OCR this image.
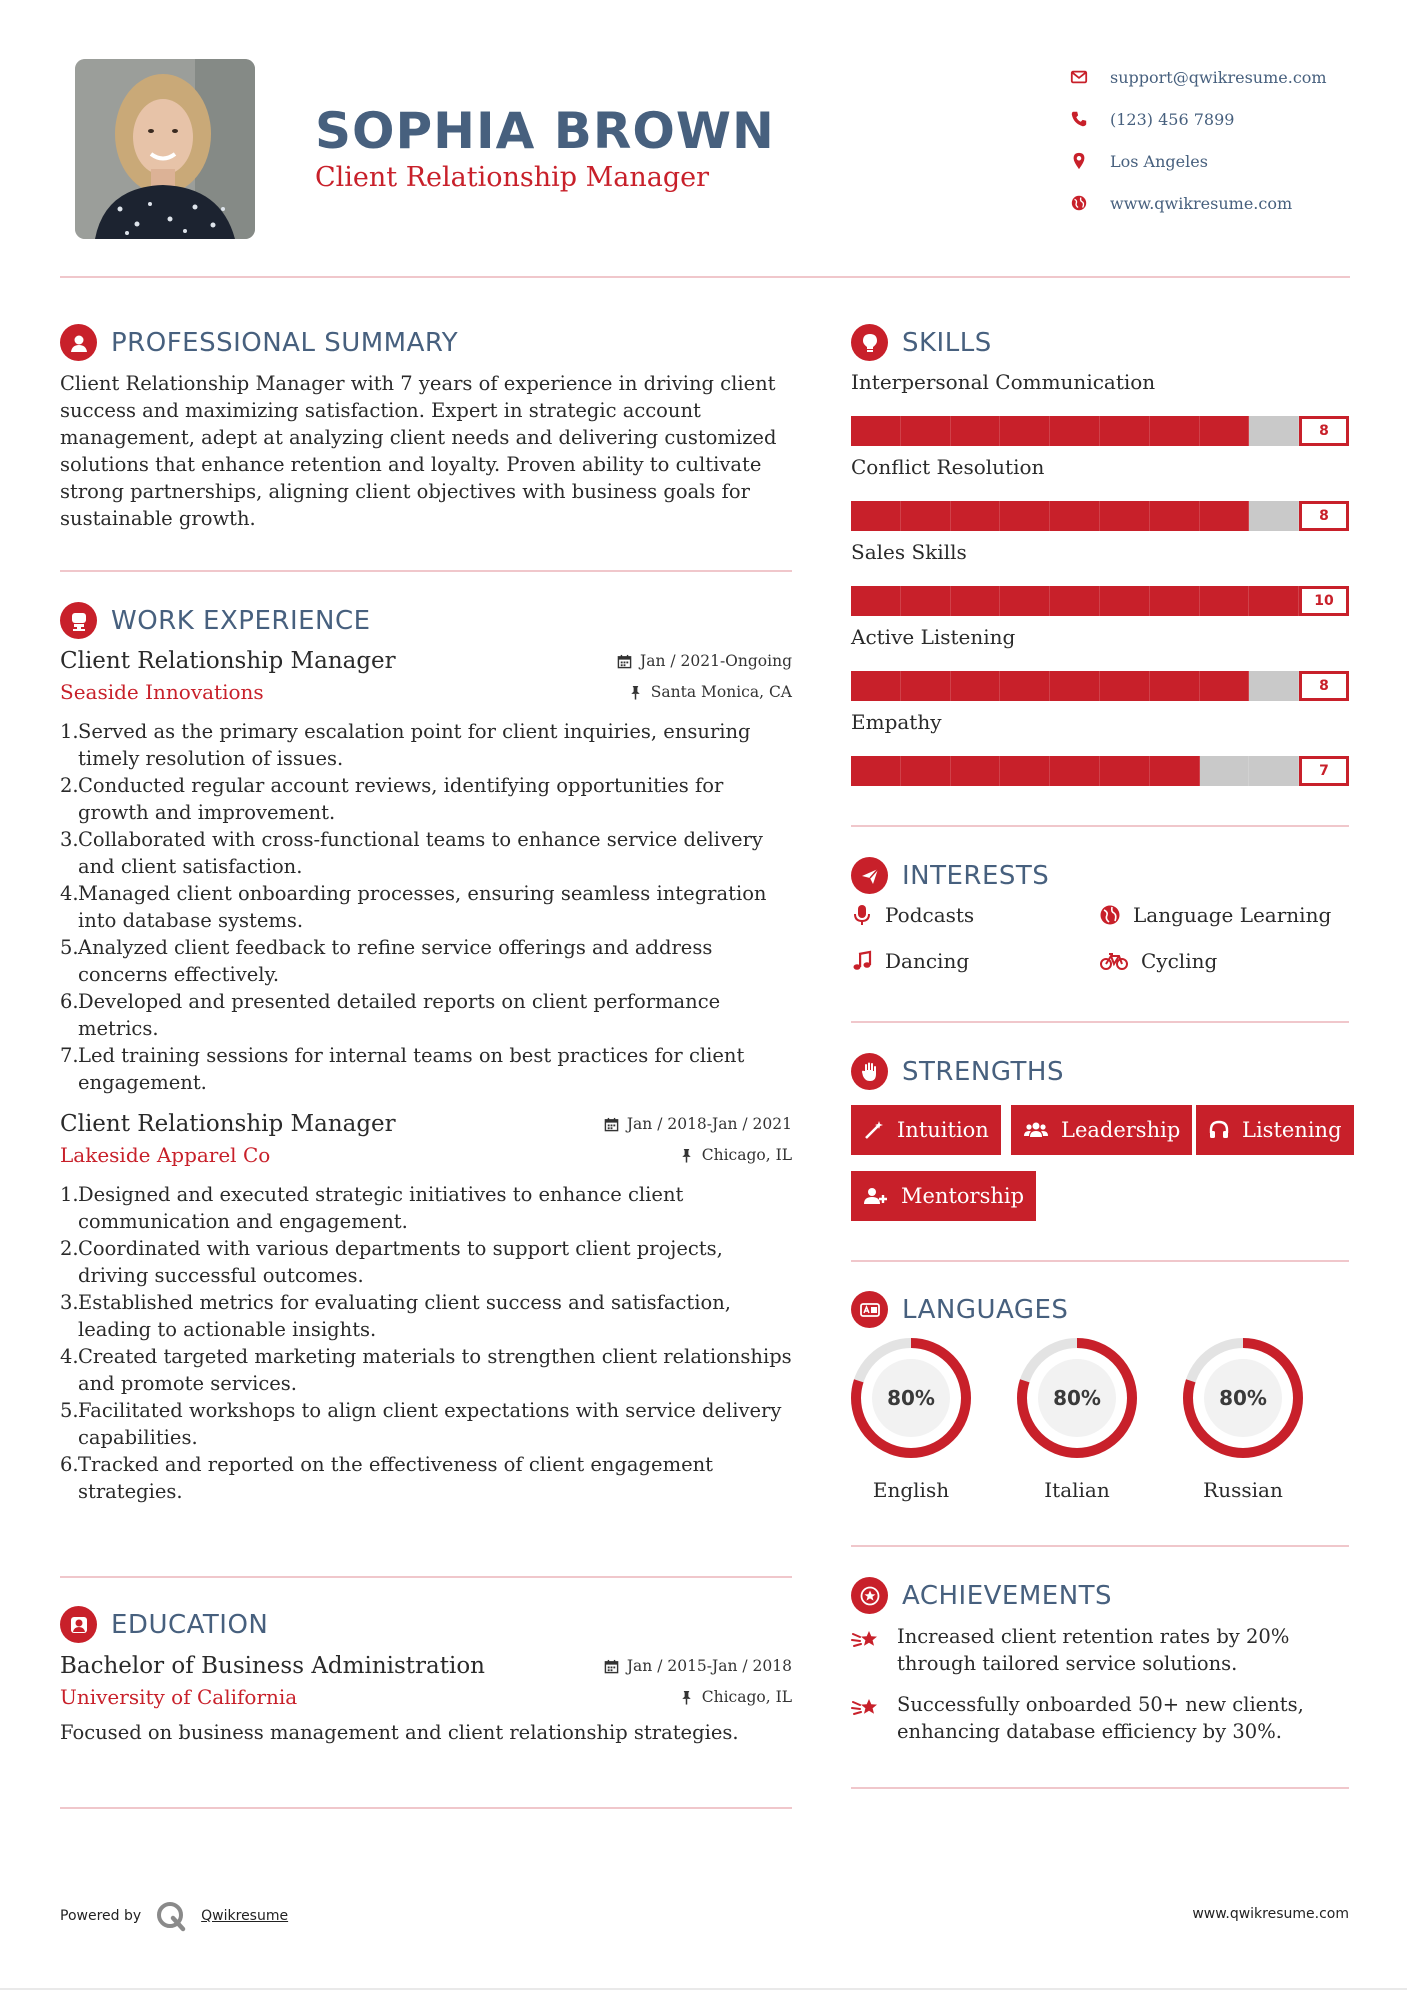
SOPHIA BROWN
Client Relationship Manager
support@qwikresume.com
(123) 456 7899
Los Angeles
www.qwikresume.com
PROFESSIONAL SUMMARY
Client Relationship Manager with 7 years of experience in driving client success and maximizing satisfaction. Expert in strategic account management, adept at analyzing client needs and delivering customized solutions that enhance retention and loyalty. Proven ability to cultivate strong partnerships, aligning client objectives with business goals for sustainable growth.
WORK EXPERIENCE
Client Relationship Manager	Jan / 2021-Ongoing
Seaside Innovations	Santa Monica, CA
1. Served as the primary escalation point for client inquiries, ensuring timely resolution of issues.
2. Conducted regular account reviews, identifying opportunities for growth and improvement.
3. Collaborated with cross-functional teams to enhance service delivery and client satisfaction.
4. Managed client onboarding processes, ensuring seamless integration into database systems.
5. Analyzed client feedback to refine service offerings and address concerns effectively.
6. Developed and presented detailed reports on client performance metrics.
7. Led training sessions for internal teams on best practices for client engagement.
Client Relationship Manager	Jan / 2018-Jan / 2021
Lakeside Apparel Co	Chicago, IL
1. Designed and executed strategic initiatives to enhance client communication and engagement.
2. Coordinated with various departments to support client projects, driving successful outcomes.
3. Established metrics for evaluating client success and satisfaction, leading to actionable insights.
4. Created targeted marketing materials to strengthen client relationships and promote services.
5. Facilitated workshops to align client expectations with service delivery capabilities.
6. Tracked and reported on the effectiveness of client engagement strategies.
EDUCATION
Bachelor of Business Administration	Jan / 2015-Jan / 2018
University of California	Chicago, IL
Focused on business management and client relationship strategies.
SKILLS
Interpersonal Communication
8
Conflict Resolution
8
Sales Skills
10
Active Listening
8
Empathy
7
INTERESTS
Podcasts	Language Learning
Dancing	Cycling
STRENGTHS
Intuition	Leadership	Listening
Mentorship
LANGUAGES
80%
English
80%
Italian
80%
Russian
ACHIEVEMENTS
Increased client retention rates by 20% through tailored service solutions.
Successfully onboarded 50+ new clients, enhancing database efficiency by 30%.
Powered by	Qwikresume	www.qwikresume.com
